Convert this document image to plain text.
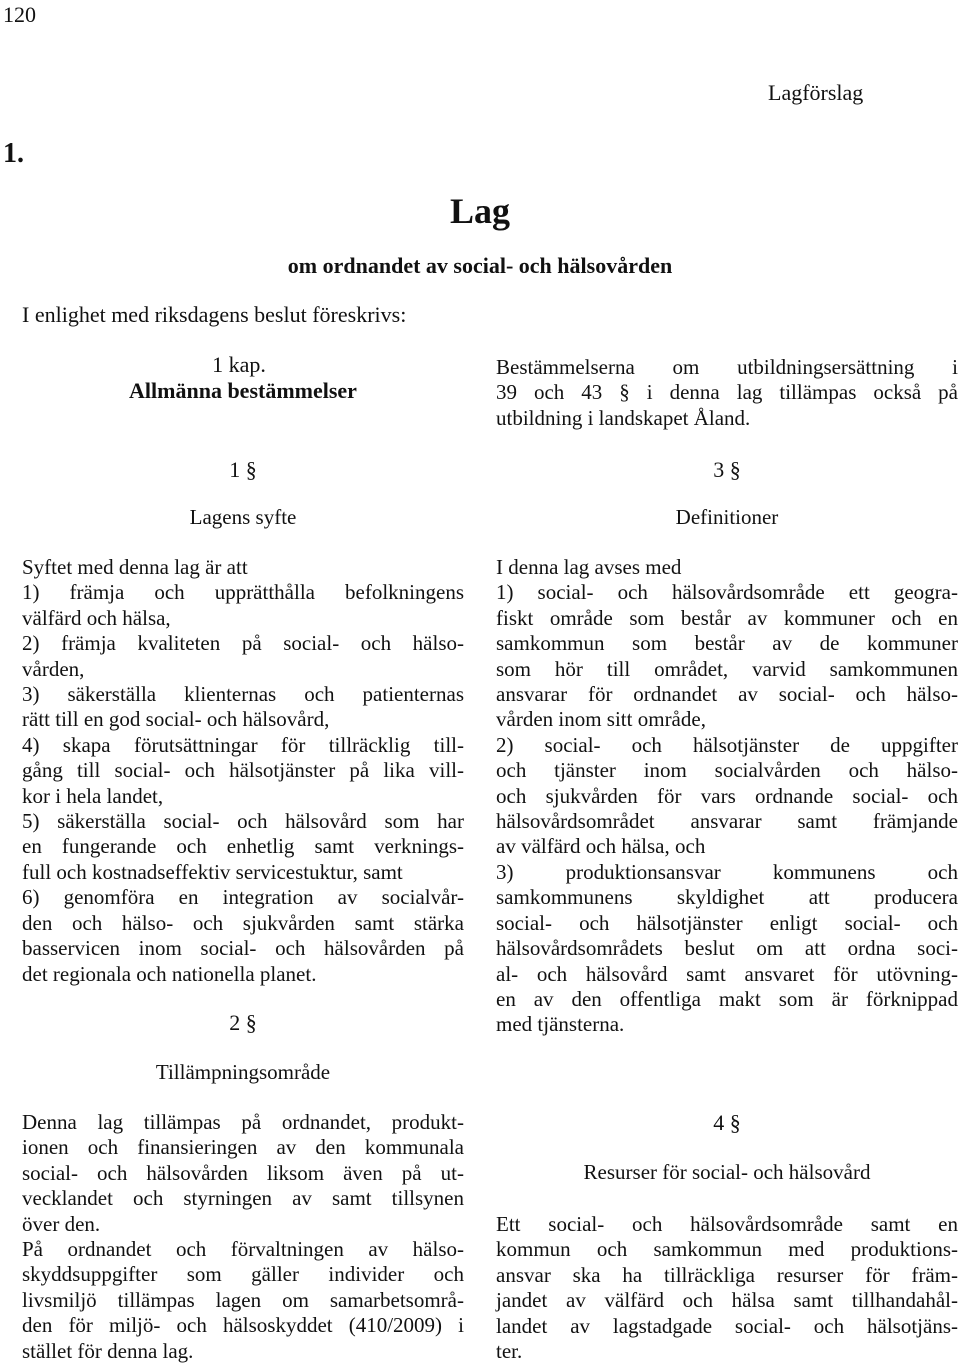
120
Lagförslag
1.
Lag
om ordnandet av social- och hälsovården
I enlighet med riksdagens beslut föreskrivs:
1 kap.
Allmänna bestämmelser
1 §
Lagens syfte
Syftet med denna lag är att
1) främja och upprätthålla befolkningens
välfärd och hälsa,
2) främja kvaliteten på social- och hälso-
vården,
3) säkerställa klienternas och patienternas
rätt till en god social- och hälsovård,
4) skapa förutsättningar för tillräcklig till-
gång till social- och hälsotjänster på lika vill-
kor i hela landet,
5) säkerställa social- och hälsovård som har
en fungerande och enhetlig samt verknings-
full och kostnadseffektiv servicestuktur, samt
6) genomföra en integration av socialvår-
den och hälso- och sjukvården samt stärka
basservicen inom social- och hälsovården på
det regionala och nationella planet.
2 §
Tillämpningsområde
Denna lag tillämpas på ordnandet, produkt-
ionen och finansieringen av den kommunala
social- och hälsovården liksom även på ut-
vecklandet och styrningen av samt tillsynen
över den.
På ordnandet och förvaltningen av hälso-
skyddsuppgifter som gäller individer och
livsmiljö tillämpas lagen om samarbetsområ-
den för miljö- och hälsoskyddet (410/2009) i
stället för denna lag.
Bestämmelserna om utbildningsersättning i
39 och 43 § i denna lag tillämpas också på
utbildning i landskapet Åland.
3 §
Definitioner
I denna lag avses med
1) social- och hälsovårdsområde ett geogra-
fiskt område som består av kommuner och en
samkommun som består av de kommuner
som hör till området, varvid samkommunen
ansvarar för ordnandet av social- och hälso-
vården inom sitt område,
2) social- och hälsotjänster de uppgifter
och tjänster inom socialvården och hälso-
och sjukvården för vars ordnande social- och
hälsovårdsområdet ansvarar samt främjande
av välfärd och hälsa, och
3) produktionsansvar kommunens och
samkommunens skyldighet att producera
social- och hälsotjänster enligt social- och
hälsovårdsområdets beslut om att ordna soci-
al- och hälsovård samt ansvaret för utövning-
en av den offentliga makt som är förknippad
med tjänsterna.
4 §
Resurser för social- och hälsovård
Ett social- och hälsovårdsområde samt en
kommun och samkommun med produktions-
ansvar ska ha tillräckliga resurser för främ-
jandet av välfärd och hälsa samt tillhandahål-
landet av lagstadgade social- och hälsotjäns-
ter.
